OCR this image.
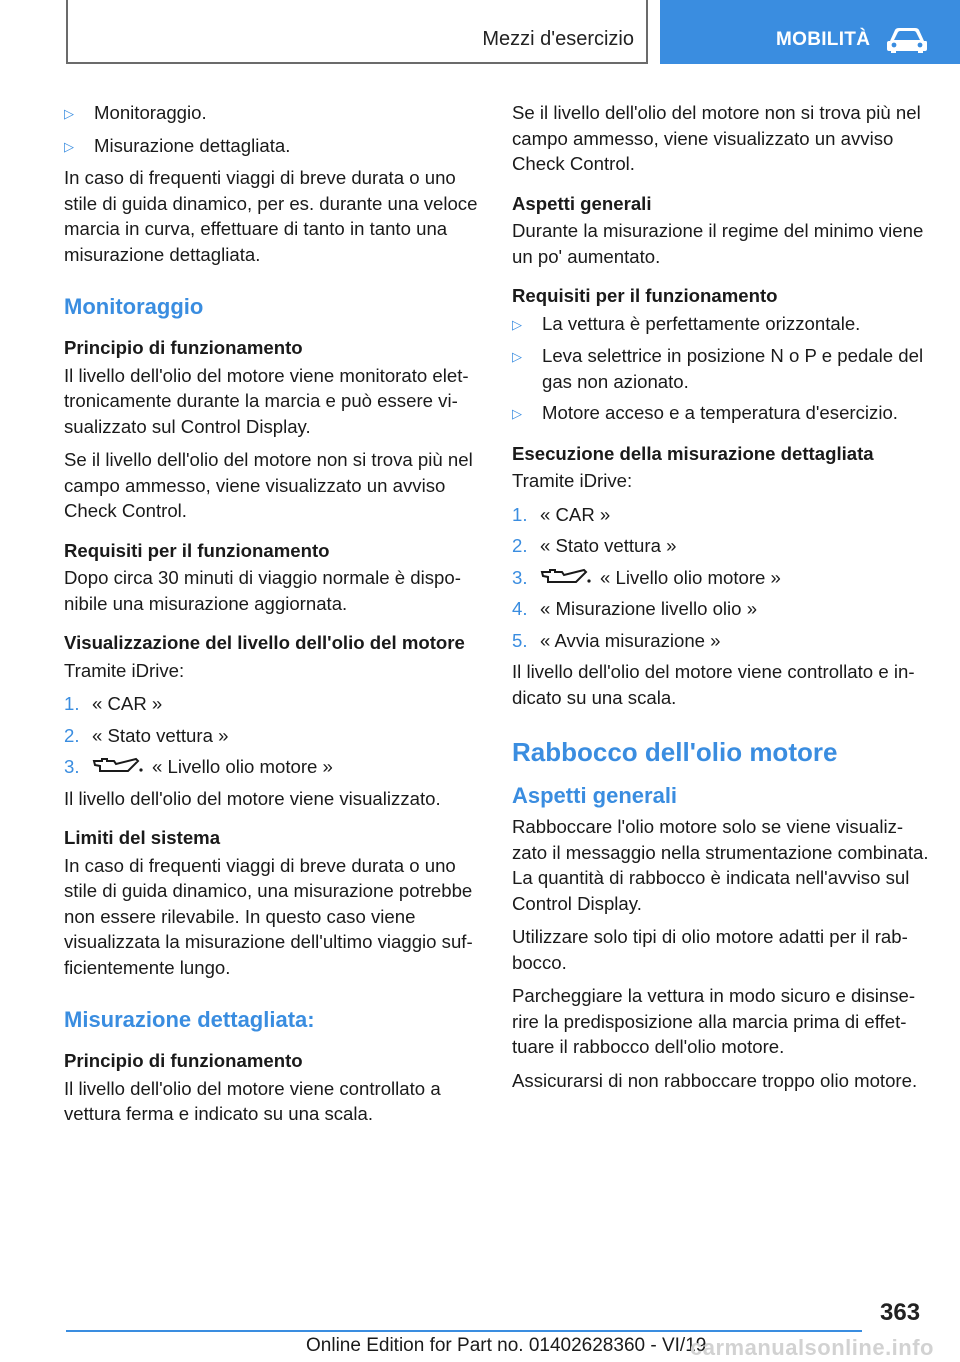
Mezzi d'esercizio	MOBILITÀ
▷	Monitoraggio.
▷	Misurazione dettagliata.

In caso di frequenti viaggi di breve durata o uno stile di guida dinamico, per es. durante una veloce marcia in curva, effettuare di tanto in tanto una misurazione dettagliata.

Monitoraggio
Principio di funzionamento

Il livello dell'olio del motore viene monitorato elettronicamente durante la marcia e può essere visualizzato sul Control Display.

Se il livello dell'olio del motore non si trova più nel campo ammesso, viene visualizzato un avviso Check Control.

Requisiti per il funzionamento

Dopo circa 30 minuti di viaggio normale è disponibile una misurazione aggiornata.

Visualizzazione del livello dell'olio del motore

Tramite iDrive:

1. « CAR »
2. « Stato vettura »
3.	« Livello olio motore »

Il livello dell'olio del motore viene visualizzato.

Limiti del sistema

In caso di frequenti viaggi di breve durata o uno stile di guida dinamico, una misurazione potrebbe non essere rilevabile. In questo caso viene visualizzata la misurazione dell'ultimo viaggio sufficientemente lungo.

Misurazione dettagliata:
Principio di funzionamento

Il livello dell'olio del motore viene controllato a vettura ferma e indicato su una scala.

Se il livello dell'olio del motore non si trova più nel campo ammesso, viene visualizzato un avviso Check Control.

Aspetti generali

Durante la misurazione il regime del minimo viene un po' aumentato.

Requisiti per il funzionamento
▷	La vettura è perfettamente orizzontale.
▷	Leva selettrice in posizione N o P e pedale del gas non azionato.
▷	Motore acceso e a temperatura d'esercizio.
Esecuzione della misurazione dettagliata

Tramite iDrive:

1. « CAR »
2. « Stato vettura »
3.	« Livello olio motore »
4. « Misurazione livello olio »
5. « Avvia misurazione »

Il livello dell'olio del motore viene controllato e indicato su una scala.

Rabbocco dell'olio motore
Aspetti generali

Rabboccare l'olio motore solo se viene visualizzato il messaggio nella strumentazione combinata. La quantità di rabbocco è indicata nell'avviso sul Control Display.

Utilizzare solo tipi di olio motore adatti per il rabbocco.

Parcheggiare la vettura in modo sicuro e disinserire la predisposizione alla marcia prima di effettuare il rabbocco dell'olio motore.

Assicurarsi di non rabboccare troppo olio motore.

363
Online Edition for Part no. 01402628360 - VI/19
carmanualsonline.info
